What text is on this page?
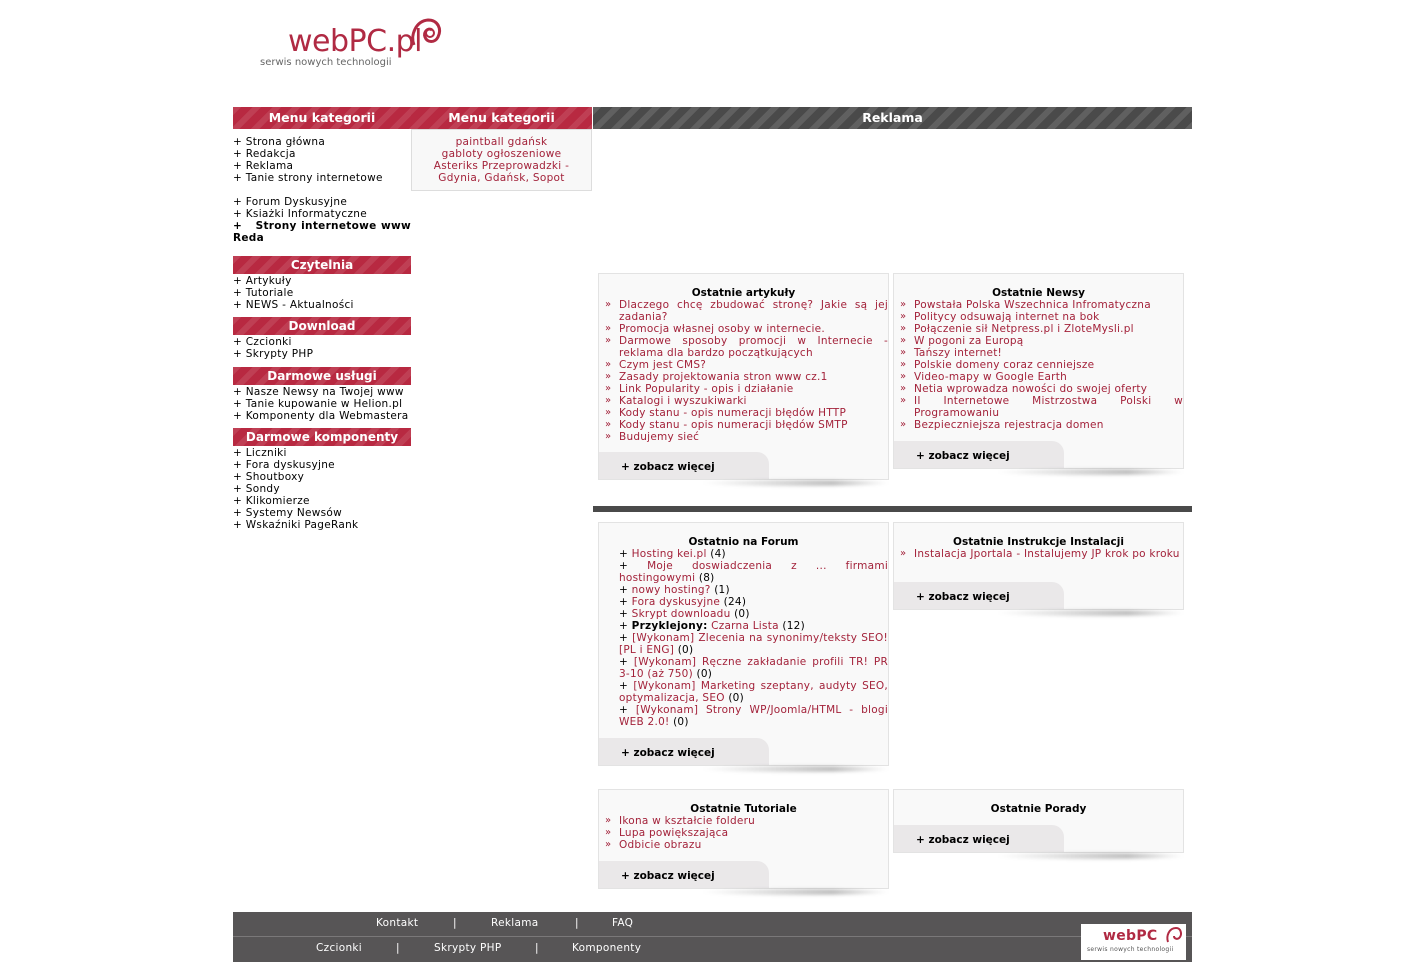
webPC.pl
serwis nowych technologii
Menu kategorii
+ Strona główna
+ Redakcja
+ Reklama
+ Tanie strony internetowe
+ Forum Dyskusyjne
+ Ksiażki Informatyczne
+ Strony internetowe www Reda
Czytelnia
+ Artykuły
+ Tutoriale
+ NEWS - Aktualności
Download
+ Czcionki
+ Skrypty PHP
Darmowe usługi
+ Nasze Newsy na Twojej www
+ Tanie kupowanie w Helion.pl
+ Komponenty dla Webmastera
Darmowe komponenty
+ Liczniki
+ Fora dyskusyjne
+ Shoutboxy
+ Sondy
+ Klikomierze
+ Systemy Newsów
+ Wskaźniki PageRank
Menu kategorii
paintball gdańsk
gabloty ogłoszeniowe
Asteriks Przeprowadzki -
Gdynia, Gdańsk, Sopot
Reklama
Ostatnie artykuły
» Dlaczego chcę zbudować stronę? Jakie są jej zadania?
» Promocja własnej osoby w internecie.
» Darmowe sposoby promocji w Internecie - reklama dla bardzo początkujących
» Czym jest CMS?
» Zasady projektowania stron www cz.1
» Link Popularity - opis i działanie
» Katalogi i wyszukiwarki
» Kody stanu - opis numeracji błędów HTTP
» Kody stanu - opis numeracji błędów SMTP
» Budujemy sieć
+ zobacz więcej
Ostatnie Newsy
» Powstała Polska Wszechnica Infromatyczna
» Politycy odsuwają internet na bok
» Połączenie sił Netpress.pl i ZloteMysli.pl
» W pogoni za Europą
» Tańszy internet!
» Polskie domeny coraz cenniejsze
» Video-mapy w Google Earth
» Netia wprowadza nowości do swojej oferty
» II Internetowe Mistrzostwa Polski w Programowaniu
» Bezpieczniejsza rejestracja domen
+ zobacz więcej
Ostatnio na Forum
+ Hosting kei.pl (4)
+ Moje doswiadczenia z ... firmami hostingowymi (8)
+ nowy hosting? (1)
+ Fora dyskusyjne (24)
+ Skrypt downloadu (0)
+ Przyklejony: Czarna Lista (12)
+ [Wykonam] Zlecenia na synonimy/teksty SEO! [PL i ENG] (0)
+ [Wykonam] Ręczne zakładanie profili TR! PR 3-10 (aż 750) (0)
+ [Wykonam] Marketing szeptany, audyty SEO, optymalizacja, SEO (0)
+ [Wykonam] Strony WP/Joomla/HTML - blogi WEB 2.0! (0)
+ zobacz więcej
Ostatnie Instrukcje Instalacji
» Instalacja Jportala - Instalujemy JP krok po kroku
+ zobacz więcej
Ostatnie Tutoriale
» Ikona w kształcie folderu
» Lupa powiększająca
» Odbicie obrazu
+ zobacz więcej
Ostatnie Porady
+ zobacz więcej
Kontakt	|	Reklama	|	FAQ
Czcionki	|	Skrypty PHP	|	Komponenty
webPC
serwis nowych technologii
